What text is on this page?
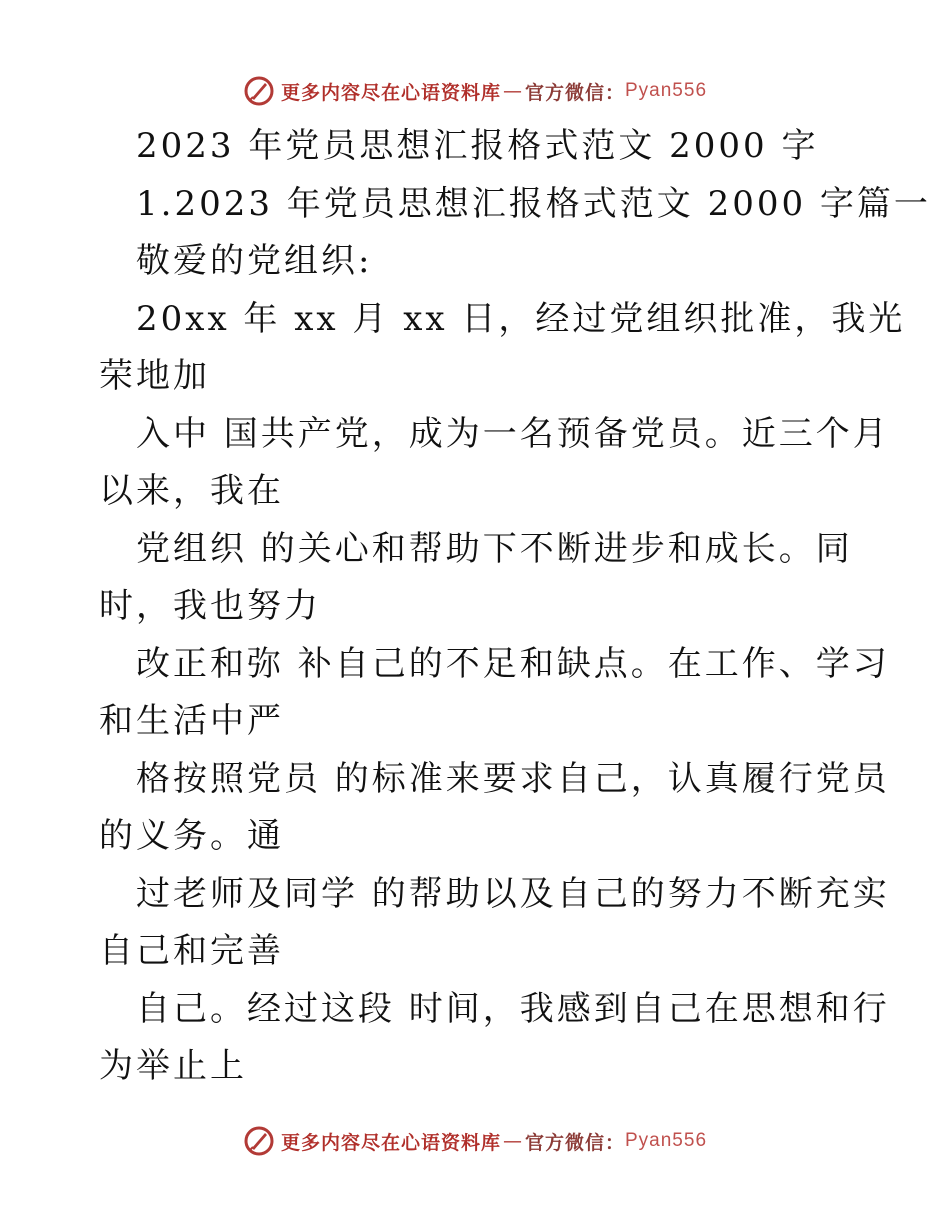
更多内容尽在心语资料库 — 官方微信： Pyan556
2023 年党员思想汇报格式范文 2000 字
1.2023 年党员思想汇报格式范文 2000 字篇一
敬爱的党组织:
20xx 年 xx 月 xx 日，经过党组织批准，我光
荣地加
入中 国共产党，成为一名预备党员。近三个月
以来，我在
党组织 的关心和帮助下不断进步和成长。同
时，我也努力
改正和弥 补自己的不足和缺点。在工作、学习
和生活中严
格按照党员 的标准来要求自己，认真履行党员
的义务。通
过老师及同学 的帮助以及自己的努力不断充实
自己和完善
自己。经过这段 时间，我感到自己在思想和行
为举止上
更多内容尽在心语资料库 — 官方微信： Pyan556
